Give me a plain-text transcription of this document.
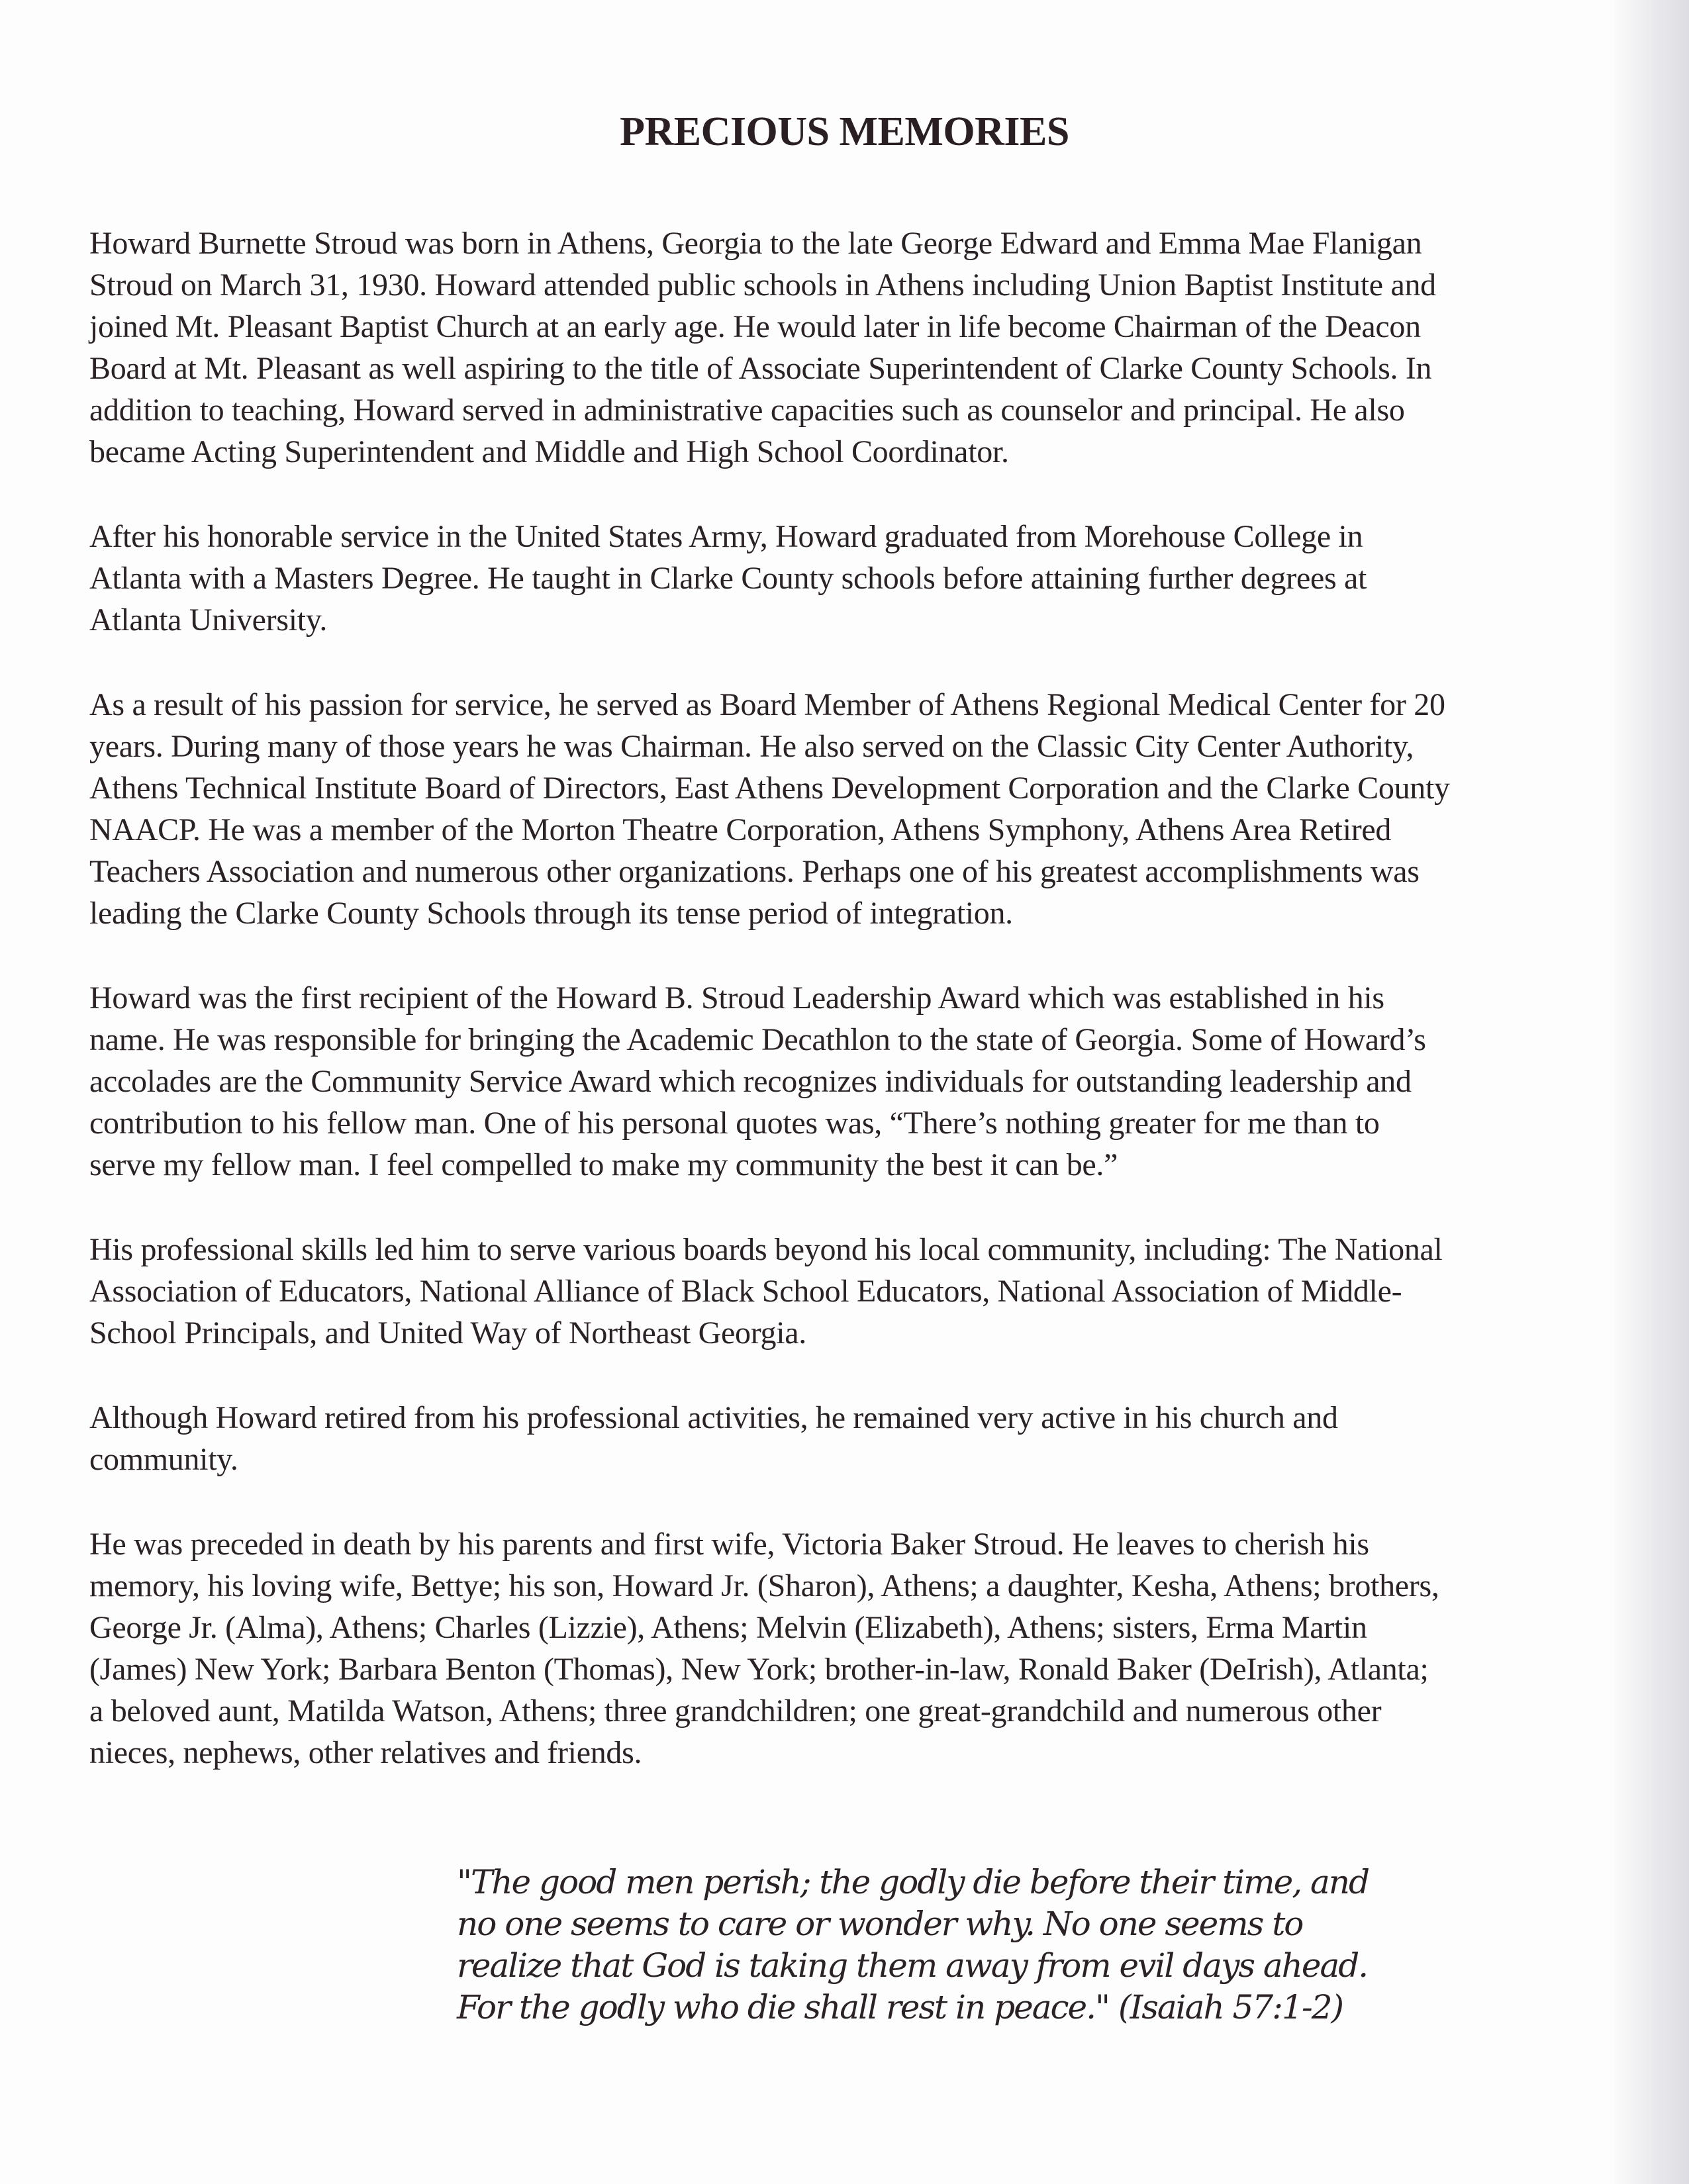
PRECIOUS MEMORIES

Howard Burnette Stroud was born in Athens, Georgia to the late George Edward and Emma Mae Flanigan
Stroud on March 31, 1930. Howard attended public schools in Athens including Union Baptist Institute and
joined Mt. Pleasant Baptist Church at an early age. He would later in life become Chairman of the Deacon
Board at Mt. Pleasant as well aspiring to the title of Associate Superintendent of Clarke County Schools. In
addition to teaching, Howard served in administrative capacities such as counselor and principal. He also
became Acting Superintendent and Middle and High School Coordinator.

After his honorable service in the United States Army, Howard graduated from Morehouse College in
Atlanta with a Masters Degree. He taught in Clarke County schools before attaining further degrees at
Atlanta University.

As a result of his passion for service, he served as Board Member of Athens Regional Medical Center for 20
years. During many of those years he was Chairman. He also served on the Classic City Center Authority,
Athens Technical Institute Board of Directors, East Athens Development Corporation and the Clarke County
NAACP. He was a member of the Morton Theatre Corporation, Athens Symphony, Athens Area Retired
Teachers Association and numerous other organizations. Perhaps one of his greatest accomplishments was
leading the Clarke County Schools through its tense period of integration.

Howard was the first recipient of the Howard B. Stroud Leadership Award which was established in his
name. He was responsible for bringing the Academic Decathlon to the state of Georgia. Some of Howard’s
accolades are the Community Service Award which recognizes individuals for outstanding leadership and
contribution to his fellow man. One of his personal quotes was, “There’s nothing greater for me than to
serve my fellow man. I feel compelled to make my community the best it can be.”

His professional skills led him to serve various boards beyond his local community, including: The National
Association of Educators, National Alliance of Black School Educators, National Association of Middle-
School Principals, and United Way of Northeast Georgia.

Although Howard retired from his professional activities, he remained very active in his church and
community.

He was preceded in death by his parents and first wife, Victoria Baker Stroud. He leaves to cherish his
memory, his loving wife, Bettye; his son, Howard Jr. (Sharon), Athens; a daughter, Kesha, Athens; brothers,
George Jr. (Alma), Athens; Charles (Lizzie), Athens; Melvin (Elizabeth), Athens; sisters, Erma Martin
(James) New York; Barbara Benton (Thomas), New York; brother-in-law, Ronald Baker (DeIrish), Atlanta;
a beloved aunt, Matilda Watson, Athens; three grandchildren; one great-grandchild and numerous other
nieces, nephews, other relatives and friends.

"The good men perish; the godly die before their time, and
no one seems to care or wonder why. No one seems to
realize that God is taking them away from evil days ahead.
For the godly who die shall rest in peace." (Isaiah 57:1-2)
